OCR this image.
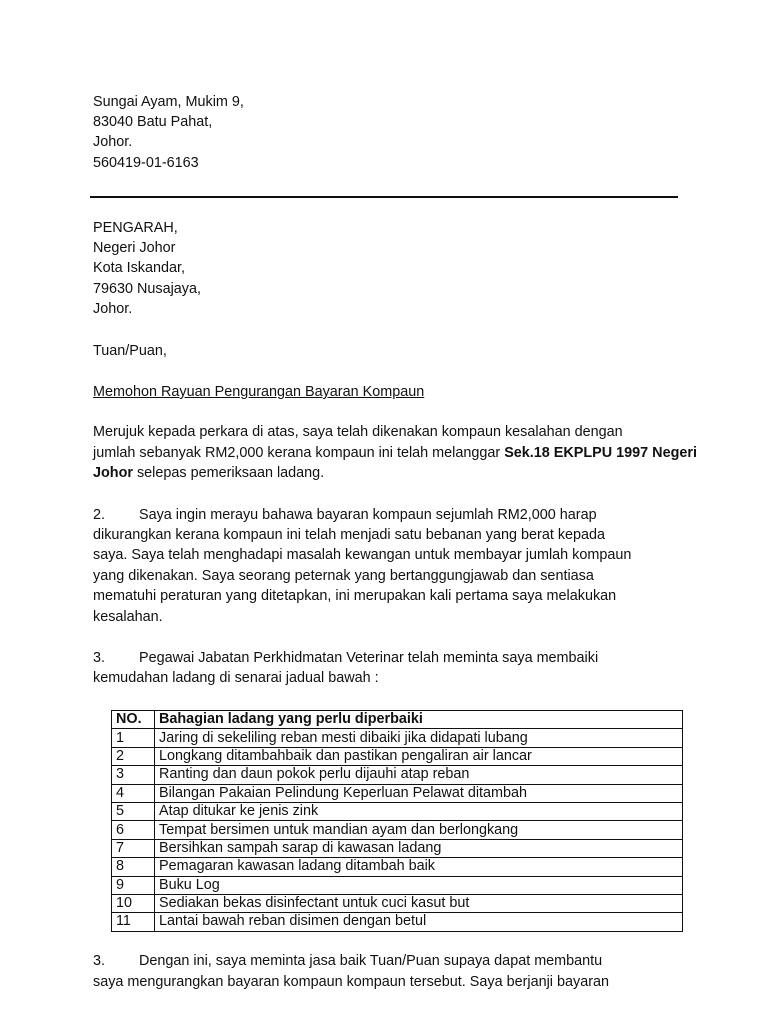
Sungai Ayam, Mukim 9,
83040 Batu Pahat,
Johor.
560419-01-6163
PENGARAH,
Negeri Johor
Kota Iskandar,
79630 Nusajaya,
Johor.
Tuan/Puan,
Memohon Rayuan Pengurangan Bayaran Kompaun
Merujuk kepada perkara di atas, saya telah dikenakan kompaun kesalahan dengan
jumlah sebanyak RM2,000 kerana kompaun ini telah melanggar Sek.18 EKPLPU 1997 Negeri
Johor selepas pemeriksaan ladang.
2. Saya ingin merayu bahawa bayaran kompaun sejumlah RM2,000 harap
dikurangkan kerana kompaun ini telah menjadi satu bebanan yang berat kepada
saya. Saya telah menghadapi masalah kewangan untuk membayar jumlah kompaun
yang dikenakan. Saya seorang peternak yang bertanggungjawab dan sentiasa
mematuhi peraturan yang ditetapkan, ini merupakan kali pertama saya melakukan
kesalahan.
3. Pegawai Jabatan Perkhidmatan Veterinar telah meminta saya membaiki
kemudahan ladang di senarai jadual bawah :
NO.	Bahagian ladang yang perlu diperbaiki
1	Jaring di sekeliling reban mesti dibaiki jika didapati lubang
2	Longkang ditambahbaik dan pastikan pengaliran air lancar
3	Ranting dan daun pokok perlu dijauhi atap reban
4	Bilangan Pakaian Pelindung Keperluan Pelawat ditambah
5	Atap ditukar ke jenis zink
6	Tempat bersimen untuk mandian ayam dan berlongkang
7	Bersihkan sampah sarap di kawasan ladang
8	Pemagaran kawasan ladang ditambah baik
9	Buku Log
10	Sediakan bekas disinfectant untuk cuci kasut but
11	Lantai bawah reban disimen dengan betul
3. Dengan ini, saya meminta jasa baik Tuan/Puan supaya dapat membantu
saya mengurangkan bayaran kompaun kompaun tersebut. Saya berjanji bayaran
